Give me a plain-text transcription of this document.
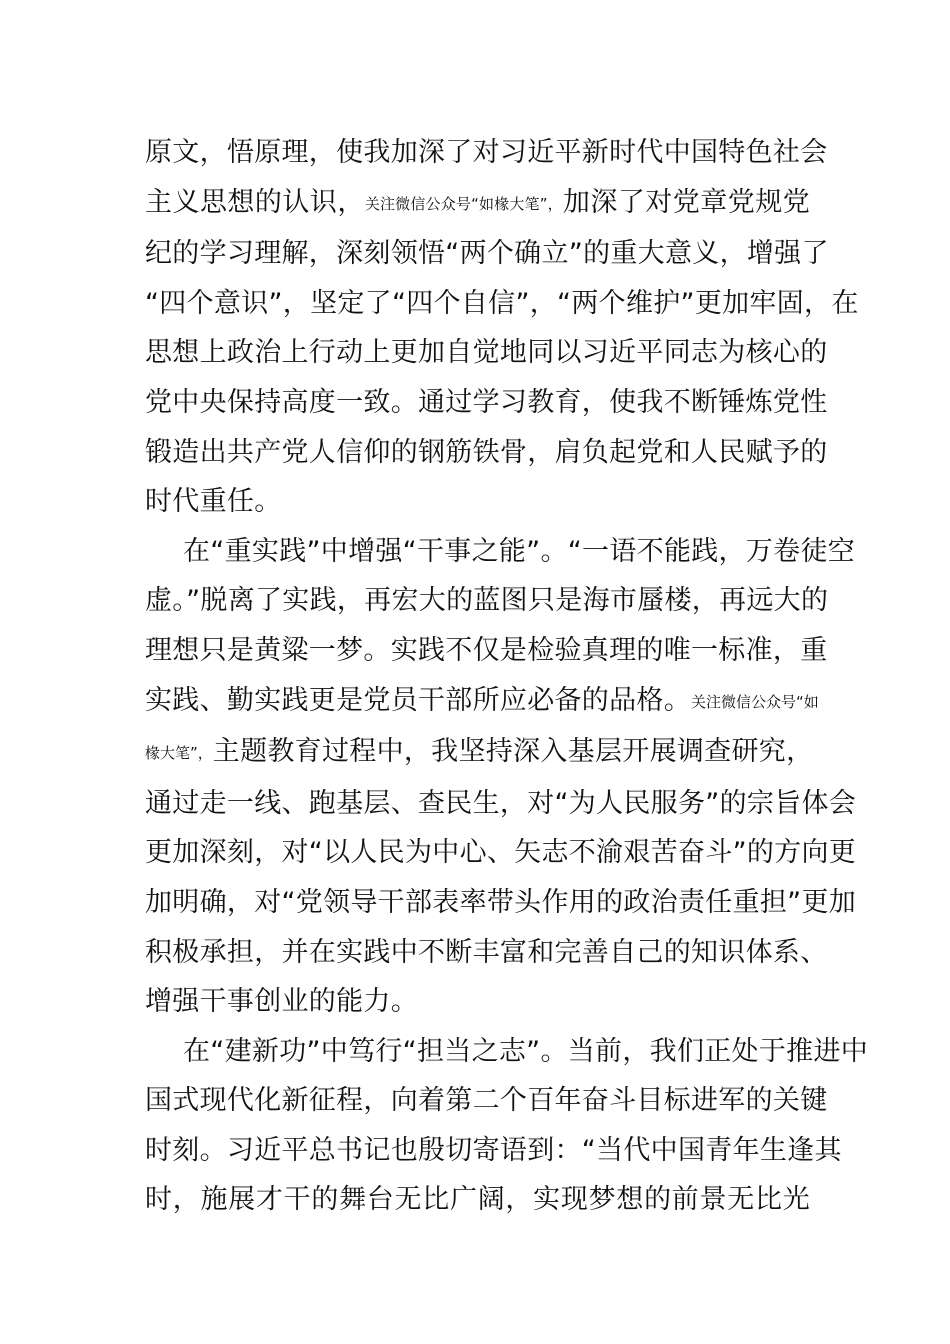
原文，悟原理，使我加深了对习近平新时代中国特色社会
主义思想的认识，关注微信公众号“如椽大笔”，加深了对党章党规党
纪的学习理解，深刻领悟“两个确立”的重大意义，增强了
“四个意识”，坚定了“四个自信”，“两个维护”更加牢固，在
思想上政治上行动上更加自觉地同以习近平同志为核心的
党中央保持高度一致。通过学习教育，使我不断锤炼党性
锻造出共产党人信仰的钢筋铁骨，肩负起党和人民赋予的
时代重任。
在“重实践”中增强“干事之能”。“一语不能践，万卷徒空
虚。”脱离了实践，再宏大的蓝图只是海市蜃楼，再远大的
理想只是黄粱一梦。实践不仅是检验真理的唯一标准，重
实践、勤实践更是党员干部所应必备的品格。关注微信公众号“如
椽大笔”，主题教育过程中，我坚持深入基层开展调查研究，
通过走一线、跑基层、查民生，对“为人民服务”的宗旨体会
更加深刻，对“以人民为中心、矢志不渝艰苦奋斗”的方向更
加明确，对“党领导干部表率带头作用的政治责任重担”更加
积极承担，并在实践中不断丰富和完善自己的知识体系、
增强干事创业的能力。
在“建新功”中笃行“担当之志”。当前，我们正处于推进中
国式现代化新征程，向着第二个百年奋斗目标进军的关键
时刻。习近平总书记也殷切寄语到：“当代中国青年生逢其
时，施展才干的舞台无比广阔，实现梦想的前景无比光
